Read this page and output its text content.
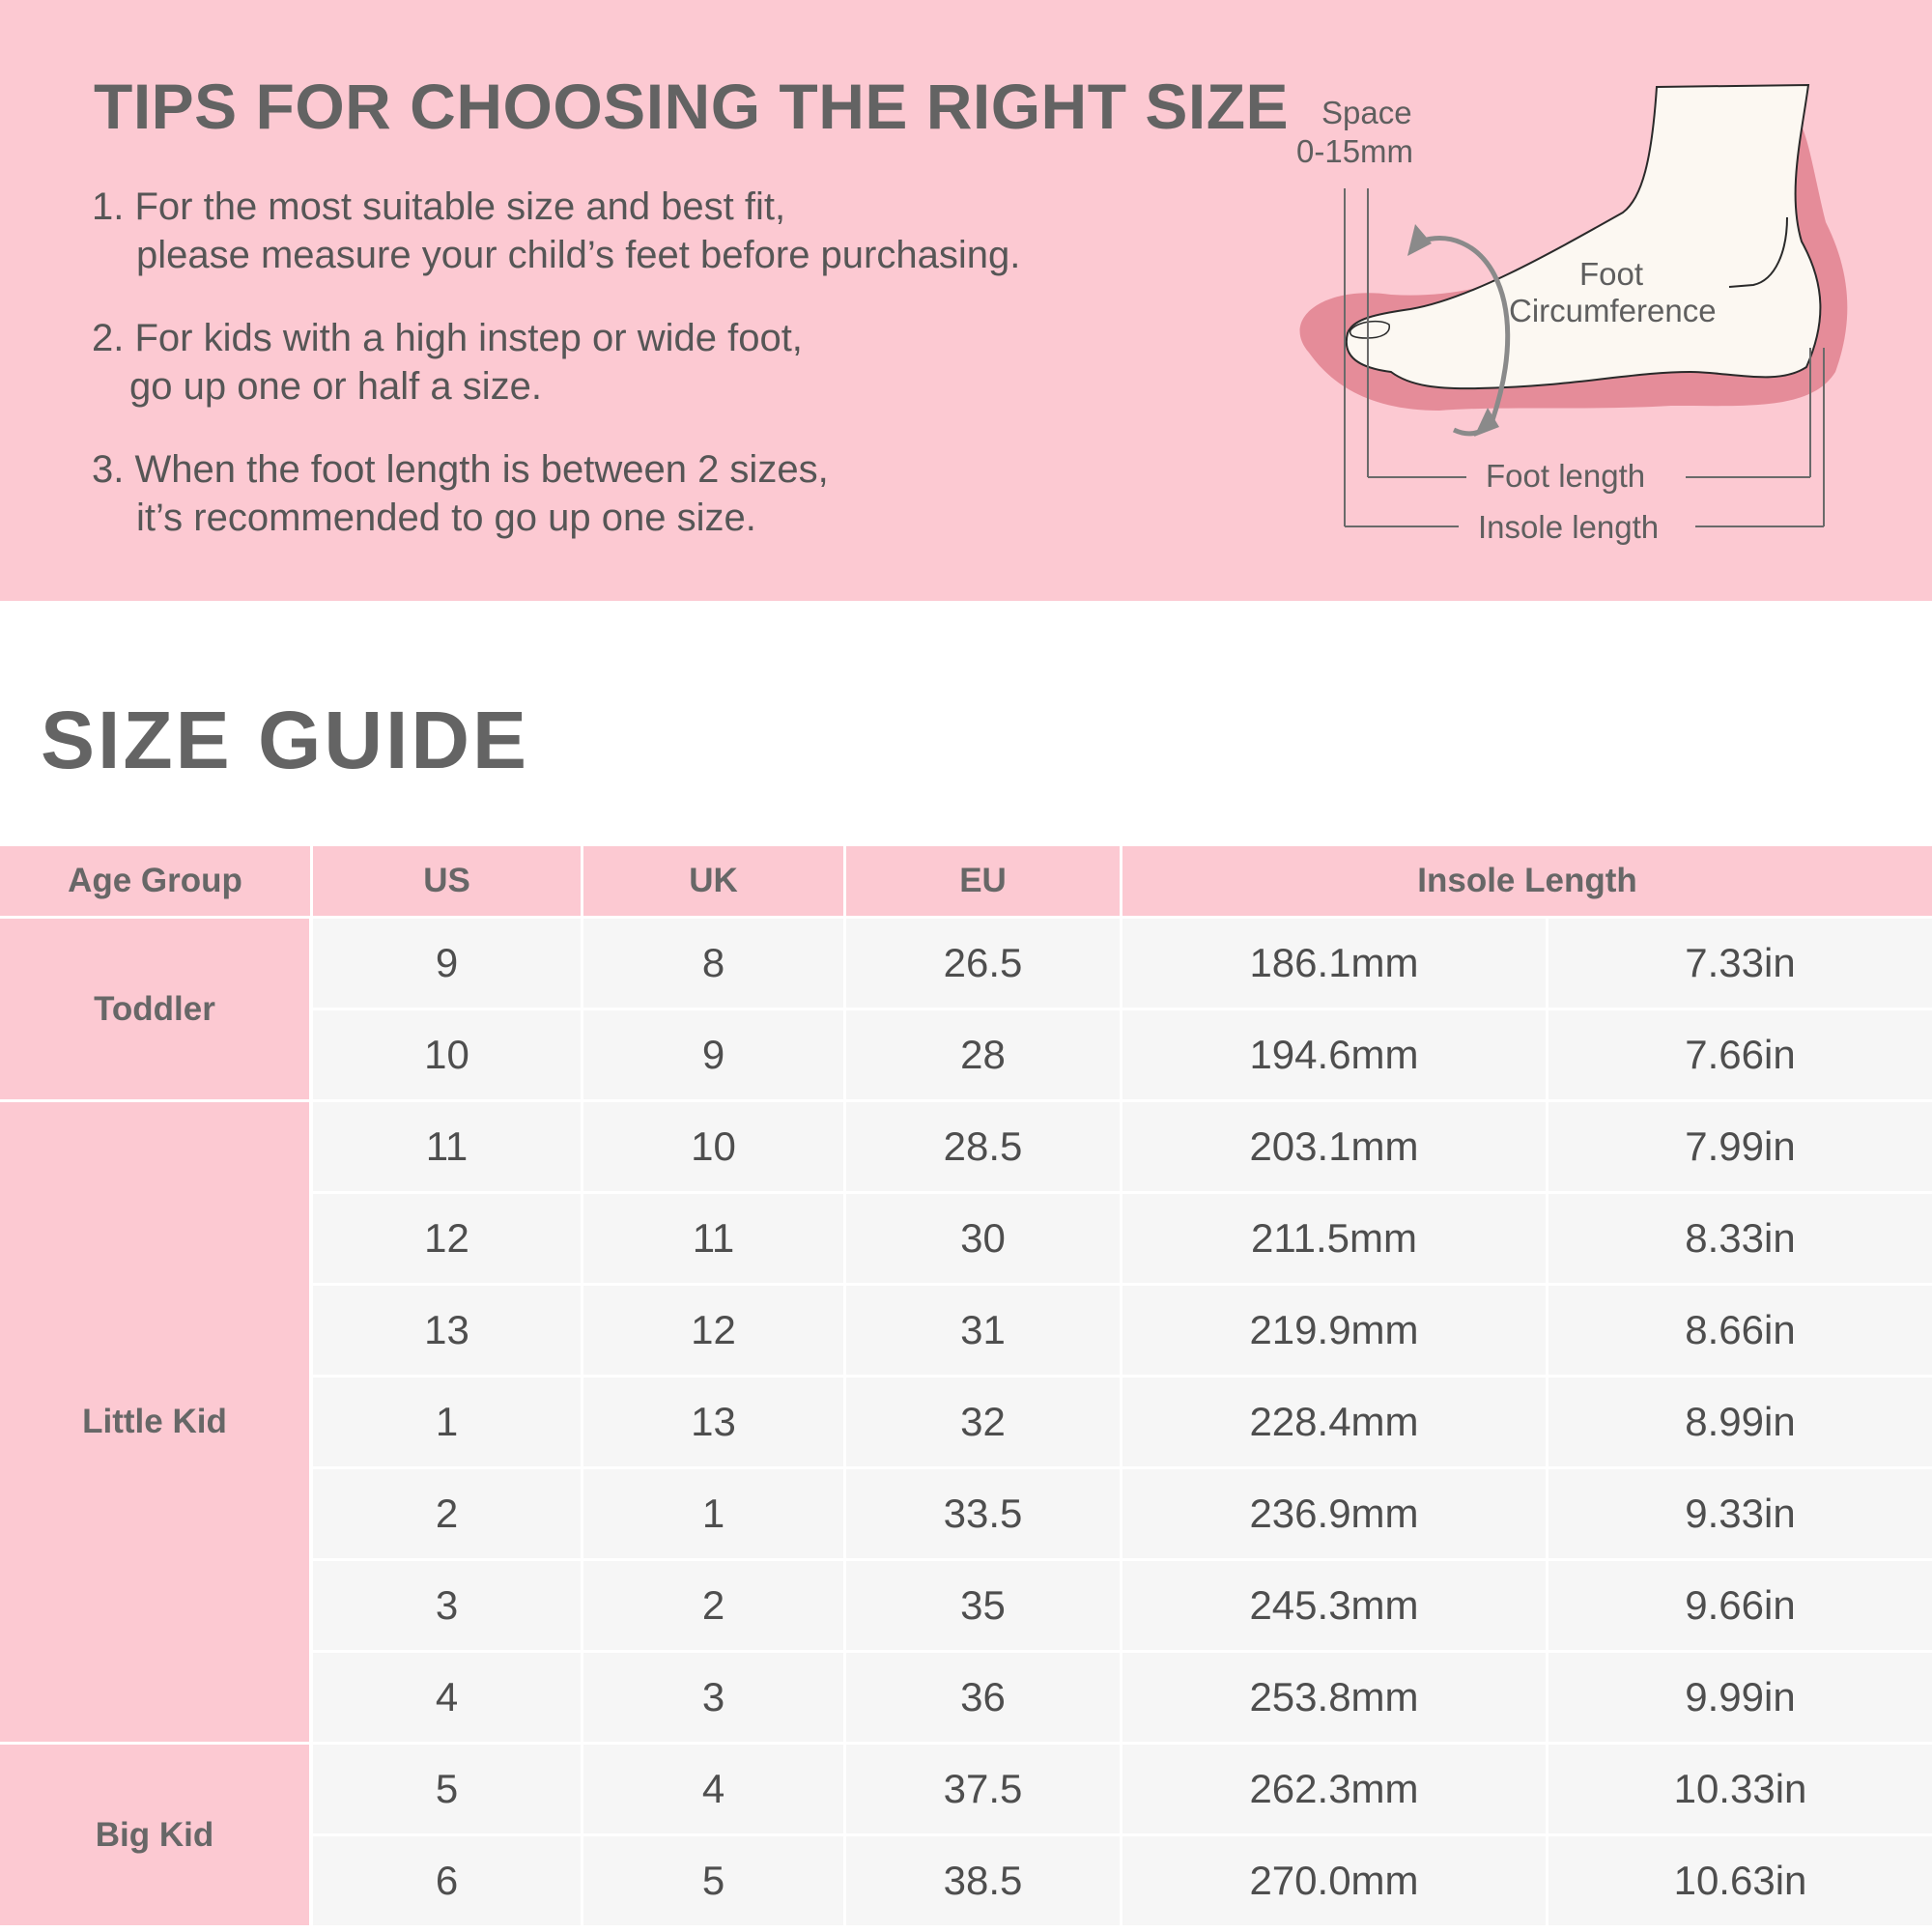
TIPS FOR CHOOSING THE RIGHT SIZE

1. For the most suitable size and best fit,
please measure your child’s feet before purchasing.

2. For kids with a high instep or wide foot,
go up one or half a size.

3. When the foot length is between 2 sizes,
it’s recommended to go up one size.

Space
0-15mm
Foot
Circumference
Foot length
Insole length
SIZE GUIDE
Age Group	US	UK	EU	Insole Length	
Toddler	9	8	26.5	186.1mm	7.33in
	10	9	28	194.6mm	7.66in
Little Kid	11	10	28.5	203.1mm	7.99in
	12	11	30	211.5mm	8.33in
	13	12	31	219.9mm	8.66in
	1	13	32	228.4mm	8.99in
	2	1	33.5	236.9mm	9.33in
	3	2	35	245.3mm	9.66in
	4	3	36	253.8mm	9.99in
Big Kid	5	4	37.5	262.3mm	10.33in
	6	5	38.5	270.0mm	10.63in
